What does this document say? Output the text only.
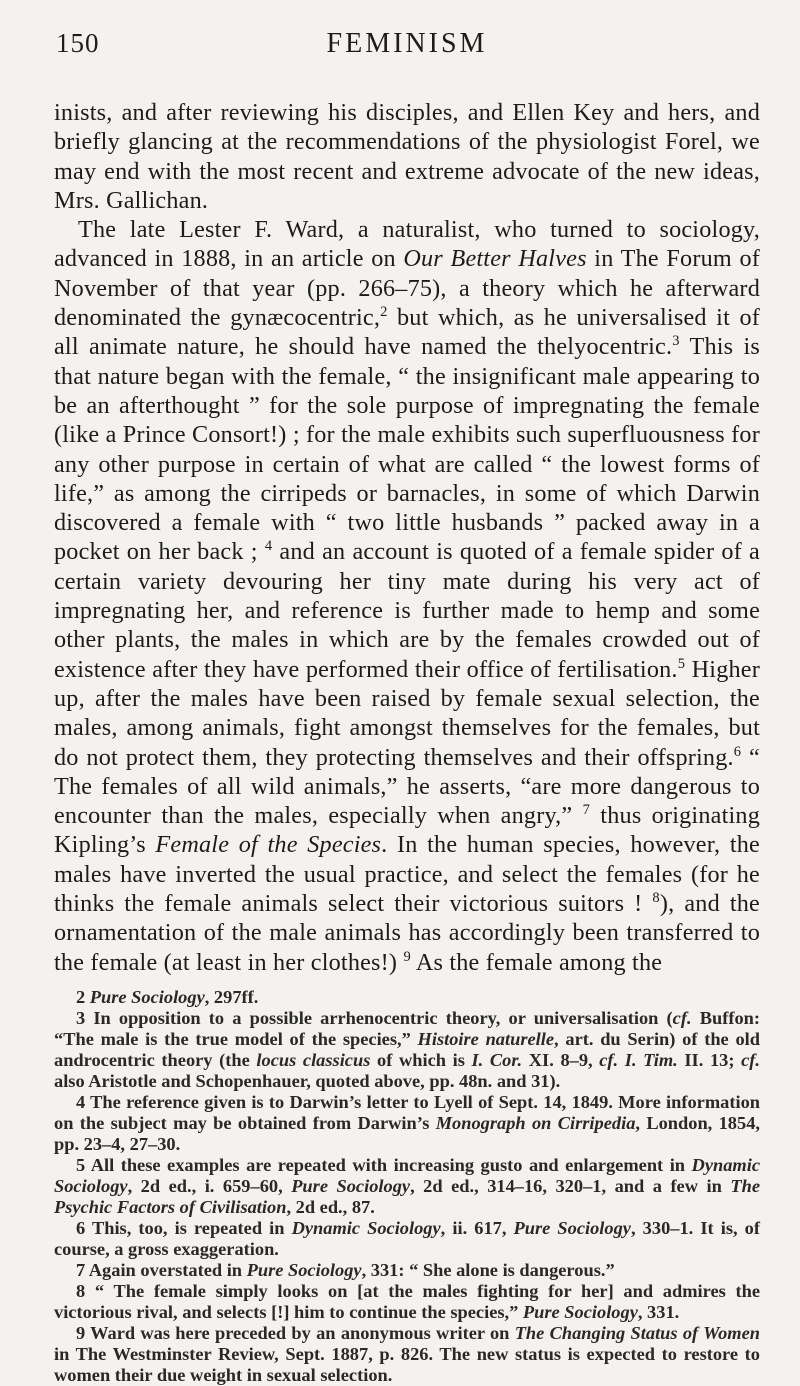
150	FEMINISM

inists, and after reviewing his disciples, and Ellen Key and hers, and briefly glancing at the recommendations of the physiologist Forel, we may end with the most recent and extreme advocate of the new ideas, Mrs. Gallichan.

The late Lester F. Ward, a naturalist, who turned to sociology, advanced in 1888, in an article on Our Better Halves in The Forum of November of that year (pp. 266–75), a theory which he afterward denominated the gynæcocentric,$^2$ but which, as he universalised it of all animate nature, he should have named the thelyocentric.$^3$ This is that nature began with the female, “ the insignificant male appearing to be an afterthought ” for the sole purpose of impregnating the female (like a Prince Consort!) ; for the male exhibits such superfluousness for any other purpose in certain of what are called “ the lowest forms of life,” as among the cirripeds or barnacles, in some of which Darwin discovered a female with “ two little husbands ” packed away in a pocket on her back ; $^4$ and an account is quoted of a female spider of a certain variety devouring her tiny mate during his very act of impregnating her, and reference is further made to hemp and some other plants, the males in which are by the females crowded out of existence after they have performed their office of fertilisation.$^5$ Higher up, after the males have been raised by female sexual selection, the males, among animals, fight amongst themselves for the females, but do not protect them, they protecting themselves and their offspring.$^6$ “ The females of all wild animals,” he asserts, “are more dangerous to encounter than the males, especially when angry,” $^7$ thus originating Kipling’s Female of the Species. In the human species, however, the males have inverted the usual practice, and select the females (for he thinks the female animals select their victorious suitors ! $^8$), and the ornamentation of the male animals has accordingly been transferred to the female (at least in her clothes!) $^9$ As the female among the

2 Pure Sociology, 297ff.

3 In opposition to a possible arrhenocentric theory, or universalisation (cf. Buffon: “The male is the true model of the species,” Histoire naturelle, art. du Serin) of the old androcentric theory (the locus classicus of which is I. Cor. XI. 8–9, cf. I. Tim. II. 13; cf. also Aristotle and Schopenhauer, quoted above, pp. 48n. and 31).

4 The reference given is to Darwin’s letter to Lyell of Sept. 14, 1849. More information on the subject may be obtained from Darwin’s Monograph on Cirripedia, London, 1854, pp. 23–4, 27–30.

5 All these examples are repeated with increasing gusto and enlargement in Dynamic Sociology, 2d ed., i. 659–60, Pure Sociology, 2d ed., 314–16, 320–1, and a few in The Psychic Factors of Civilisation, 2d ed., 87.

6 This, too, is repeated in Dynamic Sociology, ii. 617, Pure Sociology, 330–1. It is, of course, a gross exaggeration.

7 Again overstated in Pure Sociology, 331: “ She alone is dangerous.”

8 “ The female simply looks on [at the males fighting for her] and admires the victorious rival, and selects [!] him to continue the species,” Pure Sociology, 331.

9 Ward was here preceded by an anonymous writer on The Changing Status of Women in The Westminster Review, Sept. 1887, p. 826. The new status is expected to restore to women their due weight in sexual selection.
